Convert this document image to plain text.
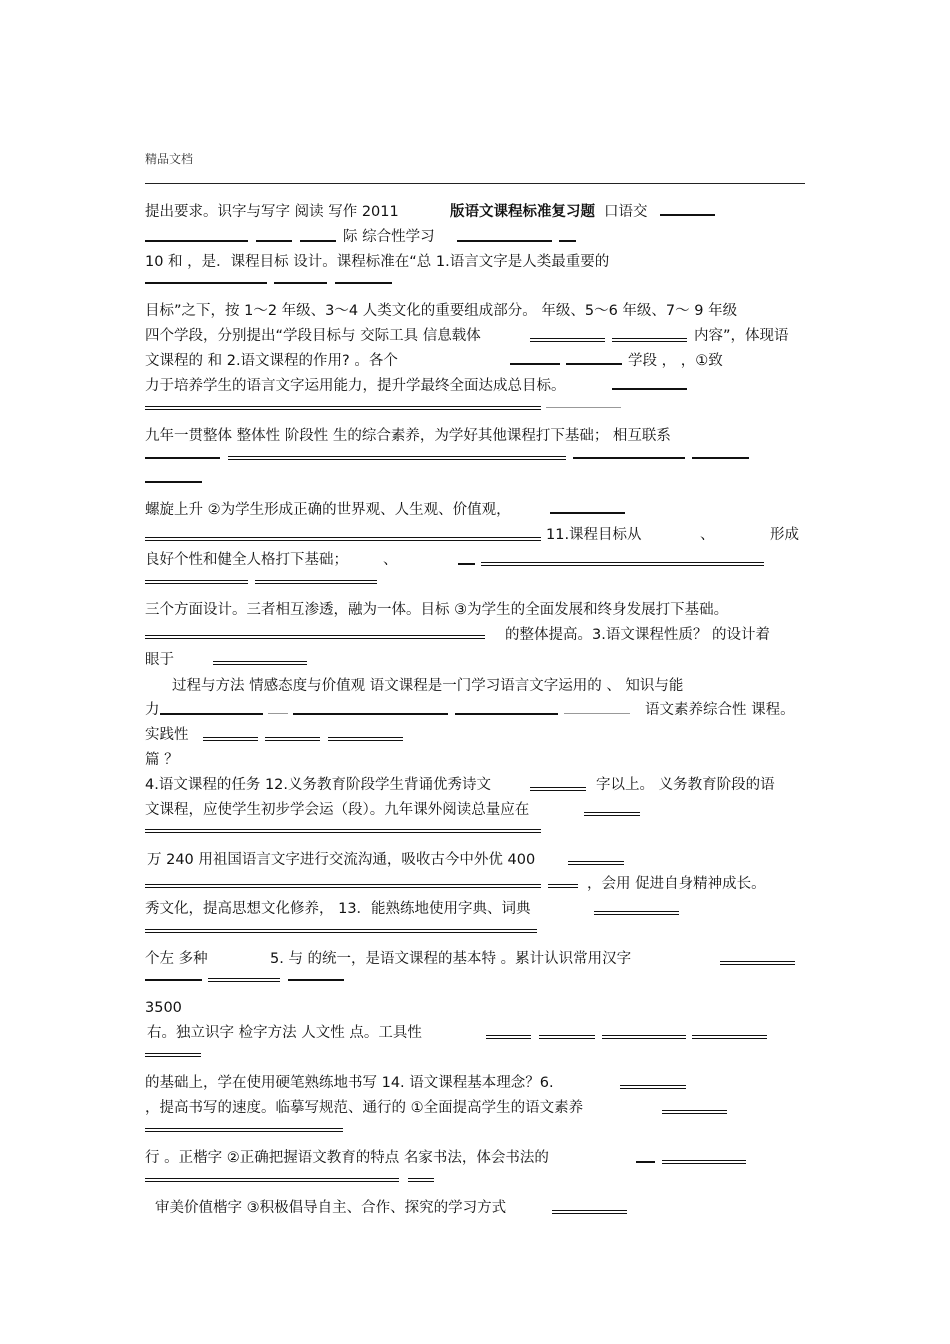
精品文档
提出要求。识字与写字 阅读 写作 2011	版语文课程标准复习题 口语交
际 综合性学习
10 和 ，是．课程目标 设计。课程标准在“总 1.语言文字是人类最重要的
目标”之下，按 1～2 年级、3～4 人类文化的重要组成部分。 年级、5～6 年级、7～ 9 年级
四个学段，分别提出“学段目标与 交际工具 信息载体	内容”，体现语
文课程的 和 2.语文课程的作用? 。各个	学段 ， ，①致
力于培养学生的语言文字运用能力，提升学最终全面达成总目标。
九年一贯整体 整体性 阶段性 生的综合素养，为学好其他课程打下基础； 相互联系
螺旋上升 ②为学生形成正确的世界观、人生观、价值观，
11.课程目标从	、	形成
良好个性和健全人格打下基础； 、
三个方面设计。三者相互渗透，融为一体。目标 ③为学生的全面发展和终身发展打下基础。
的整体提高。3.语文课程性质？ 的设计着
眼于
过程与方法 情感态度与价值观 语文课程是一门学习语言文字运用的 、 知识与能
力	语文素养综合性 课程。
实践性
篇 ？
4.语文课程的任务 12.义务教育阶段学生背诵优秀诗文	字以上。 义务教育阶段的语
文课程，应使学生初步学会运（段）。九年课外阅读总量应在
万 240 用祖国语言文字进行交流沟通，吸收古今中外优 400
，会用 促进自身精神成长。
秀文化，提高思想文化修养， 13．能熟练地使用字典、词典
个左 多种	5. 与 的统一，是语文课程的基本特 。累计认识常用汉字
3500
右。独立识字 检字方法 人文性 点。工具性
的基础上，学在使用硬笔熟练地书写 14. 语文课程基本理念？6.
，提高书写的速度。临摹写规范、通行的 ①全面提高学生的语文素养
行 。正楷字 ②正确把握语文教育的特点 名家书法，体会书法的
审美价值楷字 ③积极倡导自主、合作、探究的学习方式
